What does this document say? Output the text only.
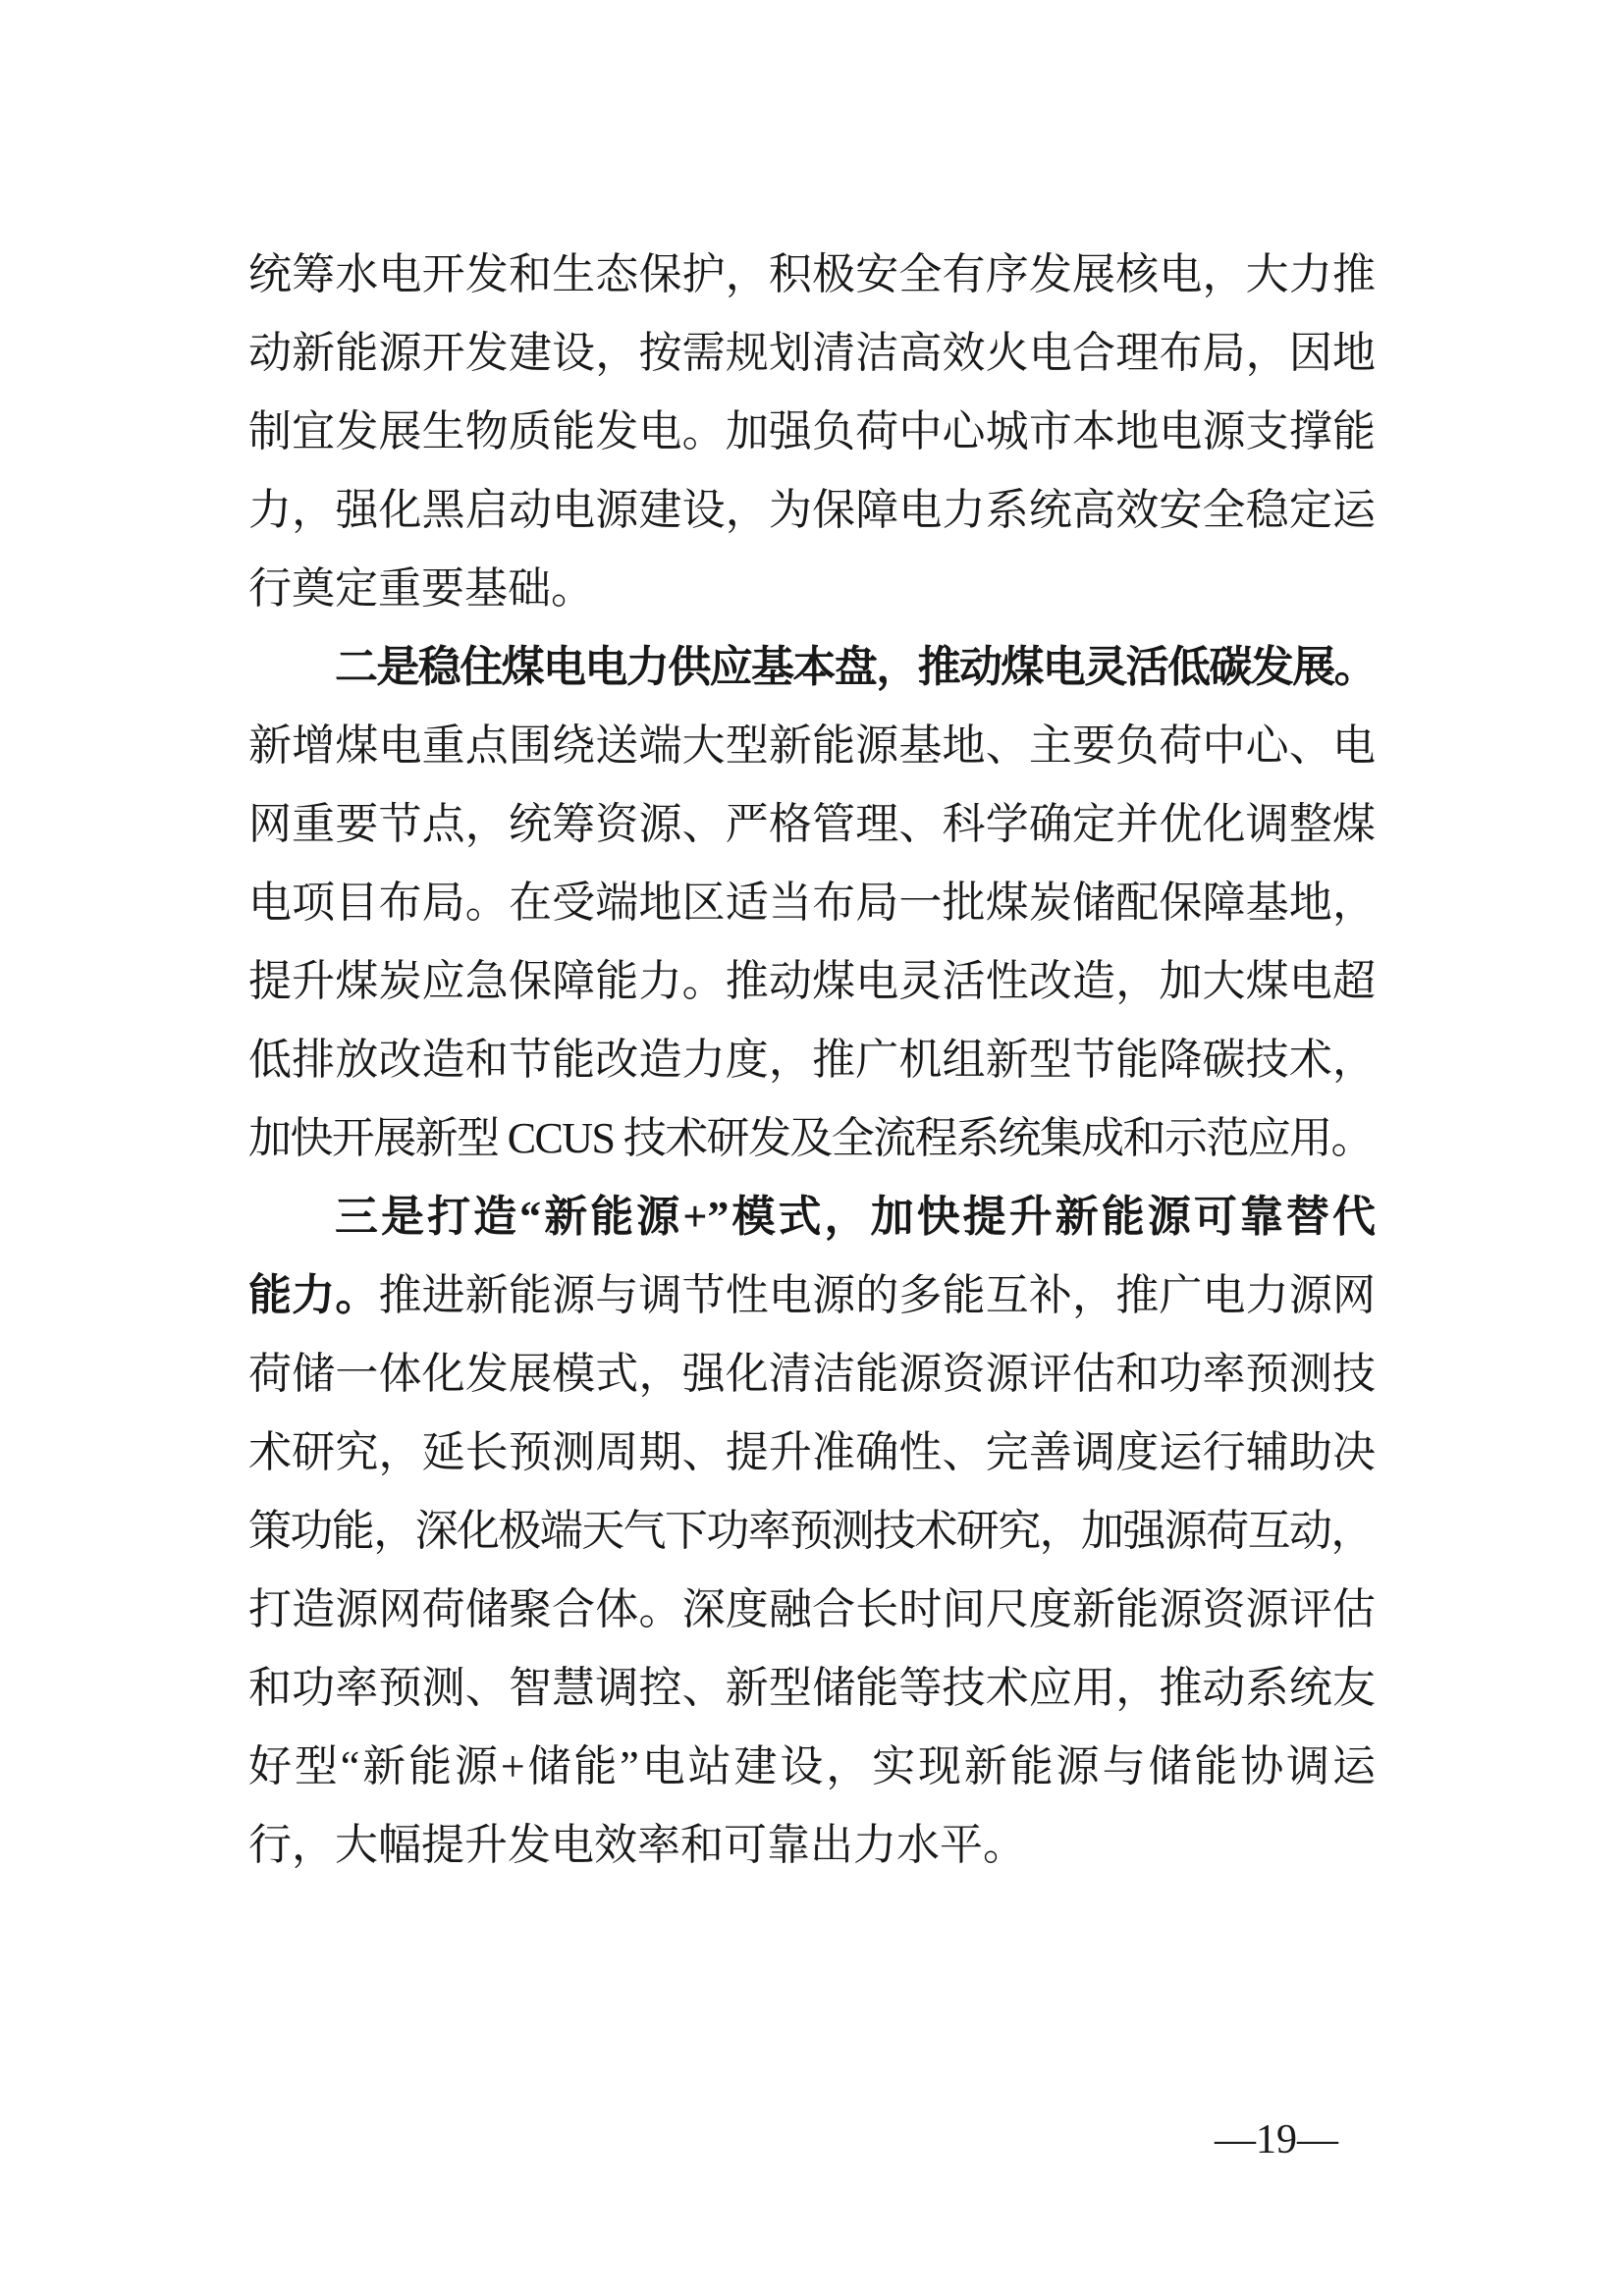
统筹水电开发和生态保护，积极安全有序发展核电，大力推
动新能源开发建设，按需规划清洁高效火电合理布局，因地
制宜发展生物质能发电。加强负荷中心城市本地电源支撑能
力，强化黑启动电源建设，为保障电力系统高效安全稳定运
行奠定重要基础。
二是稳住煤电电力供应基本盘，推动煤电灵活低碳发展。
新增煤电重点围绕送端大型新能源基地、主要负荷中心、电
网重要节点，统筹资源、严格管理、科学确定并优化调整煤
电项目布局。在受端地区适当布局一批煤炭储配保障基地，
提升煤炭应急保障能力。推动煤电灵活性改造，加大煤电超
低排放改造和节能改造力度，推广机组新型节能降碳技术，
加快开展新型 CCUS 技术研发及全流程系统集成和示范应用。
三是打造“新能源+”模式，加快提升新能源可靠替代
能力。推进新能源与调节性电源的多能互补，推广电力源网
荷储一体化发展模式，强化清洁能源资源评估和功率预测技
术研究，延长预测周期、提升准确性、完善调度运行辅助决
策功能，深化极端天气下功率预测技术研究，加强源荷互动，
打造源网荷储聚合体。深度融合长时间尺度新能源资源评估
和功率预测、智慧调控、新型储能等技术应用，推动系统友
好型“新能源+储能”电站建设，实现新能源与储能协调运
行，大幅提升发电效率和可靠出力水平。
—19—
